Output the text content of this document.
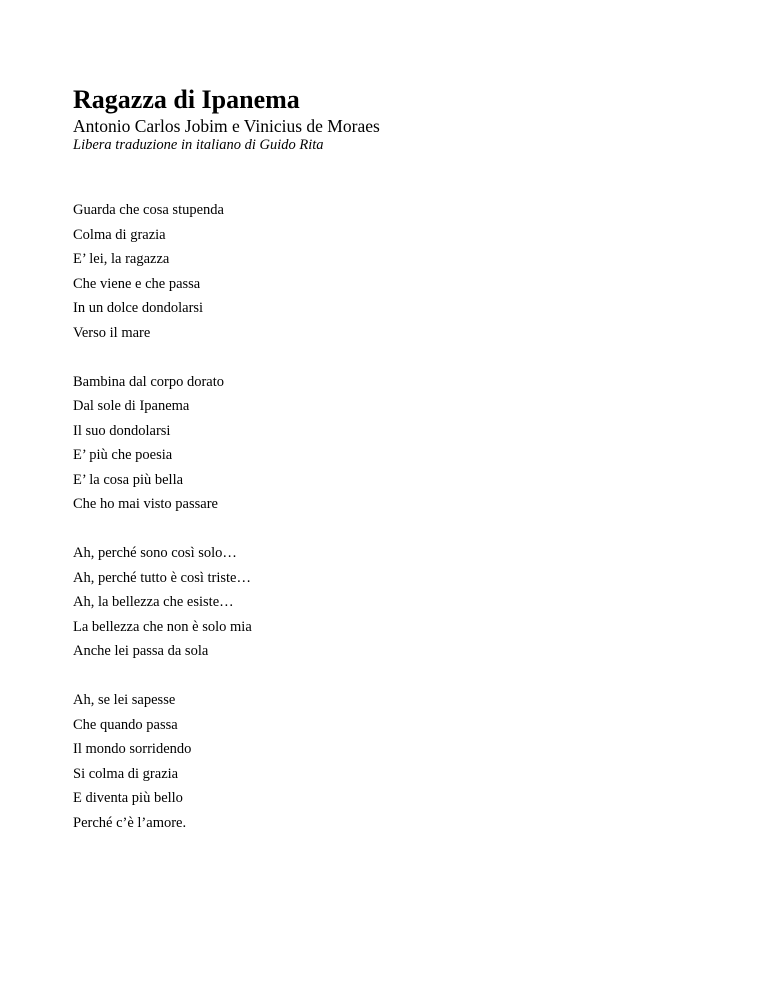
Ragazza di Ipanema

Antonio Carlos Jobim e Vinicius de Moraes

Libera traduzione in italiano di Guido Rita

Guarda che cosa stupenda
Colma di grazia
E’ lei, la ragazza
Che viene e che passa
In un dolce dondolarsi
Verso il mare
Bambina dal corpo dorato
Dal sole di Ipanema
Il suo dondolarsi
E’ più che poesia
E’ la cosa più bella
Che ho mai visto passare
Ah, perché sono così solo…
Ah, perché tutto è così triste…
Ah, la bellezza che esiste…
La bellezza che non è solo mia
Anche lei passa da sola
Ah, se lei sapesse
Che quando passa
Il mondo sorridendo
Si colma di grazia
E diventa più bello
Perché c’è l’amore.
